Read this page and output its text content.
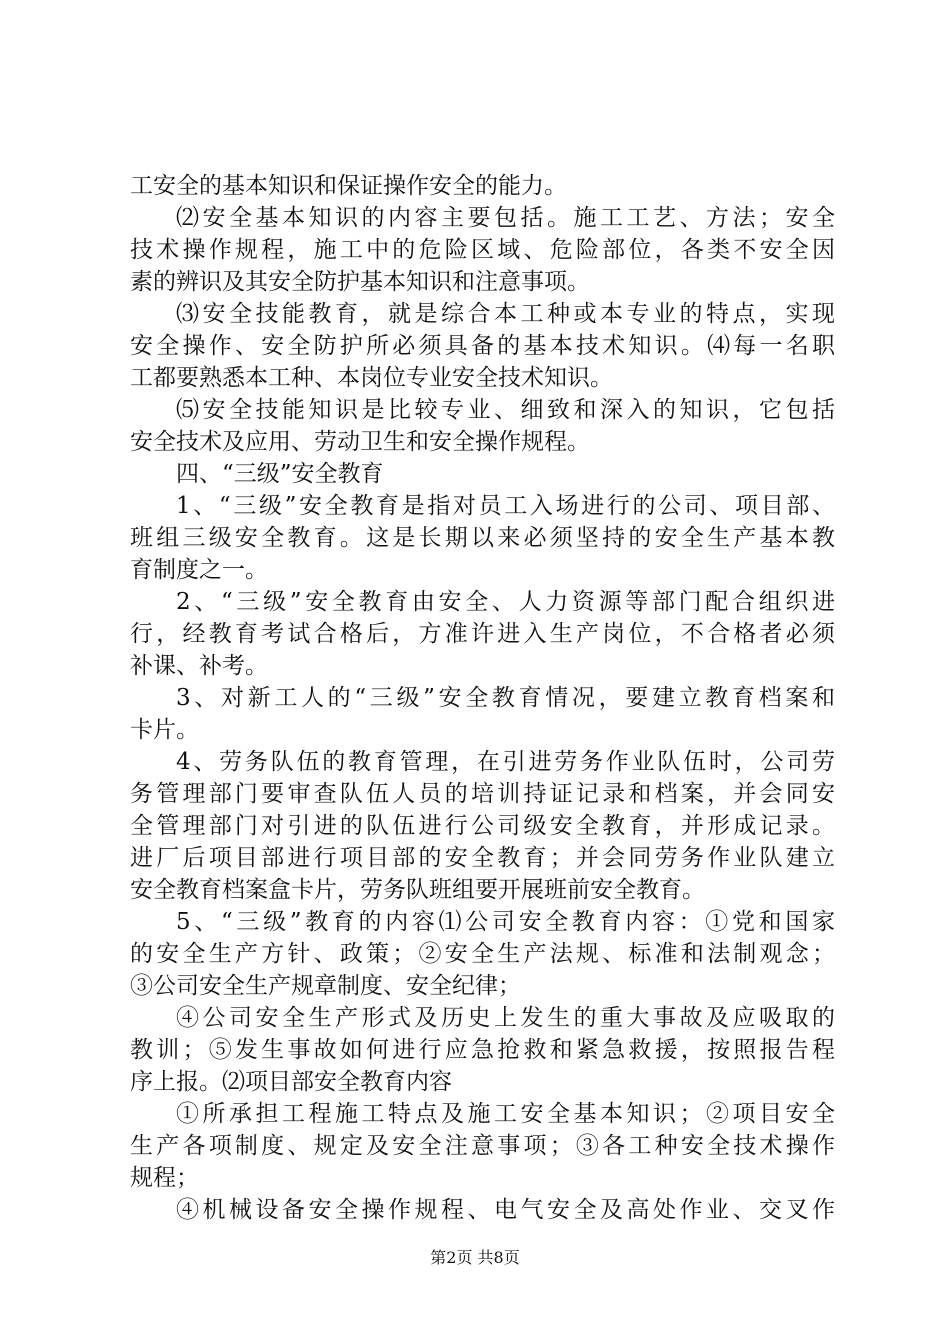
工安全的基本知识和保证操作安全的能力。
⑵安全基本知识的内容主要包括。施工工艺、方法；安全
技术操作规程，施工中的危险区域、危险部位，各类不安全因
素的辨识及其安全防护基本知识和注意事项。
⑶安全技能教育，就是综合本工种或本专业的特点，实现
安全操作、安全防护所必须具备的基本技术知识。⑷每一名职
工都要熟悉本工种、本岗位专业安全技术知识。
⑸安全技能知识是比较专业、细致和深入的知识，它包括
安全技术及应用、劳动卫生和安全操作规程。
四、“三级”安全教育
1、“三级”安全教育是指对员工入场进行的公司、项目部、
班组三级安全教育。这是长期以来必须坚持的安全生产基本教
育制度之一。
2、“三级”安全教育由安全、人力资源等部门配合组织进
行，经教育考试合格后，方准许进入生产岗位，不合格者必须
补课、补考。
3、对新工人的“三级”安全教育情况，要建立教育档案和
卡片。
4、劳务队伍的教育管理，在引进劳务作业队伍时，公司劳
务管理部门要审查队伍人员的培训持证记录和档案，并会同安
全管理部门对引进的队伍进行公司级安全教育，并形成记录。
进厂后项目部进行项目部的安全教育；并会同劳务作业队建立
安全教育档案盒卡片，劳务队班组要开展班前安全教育。
5、“三级”教育的内容⑴公司安全教育内容：①党和国家
的安全生产方针、政策；②安全生产法规、标准和法制观念；
③公司安全生产规章制度、安全纪律；
④公司安全生产形式及历史上发生的重大事故及应吸取的
教训；⑤发生事故如何进行应急抢救和紧急救援，按照报告程
序上报。⑵项目部安全教育内容
①所承担工程施工特点及施工安全基本知识；②项目安全
生产各项制度、规定及安全注意事项；③各工种安全技术操作
规程；
④机械设备安全操作规程、电气安全及高处作业、交叉作
第2页 共8页
